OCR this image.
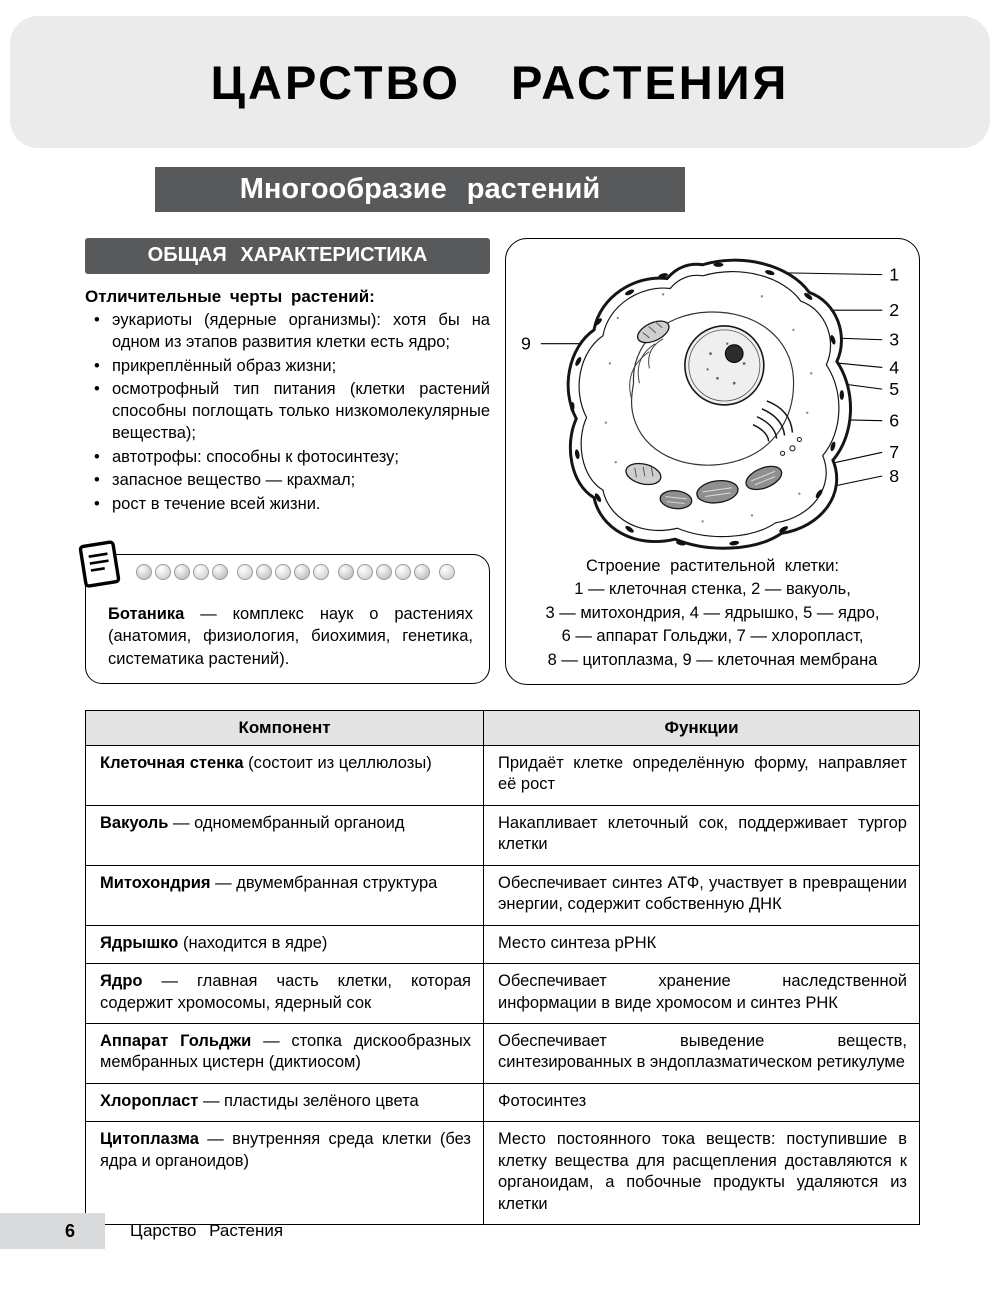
ЦАРСТВО РАСТЕНИЯ
Многообразие растений
ОБЩАЯ ХАРАКТЕРИСТИКА

Отличительные черты растений:

• эукариоты (ядерные организмы): хотя бы на одном из этапов развития клетки есть ядро;
• прикреплённый образ жизни;
• осмотрофный тип питания (клетки растений способны поглощать только низкомолекулярные вещества);
• автотрофы: способны к фотосинтезу;
• запасное вещество — крахмал;
• рост в течение всей жизни.

Ботаника — комплекс наук о растениях (анатомия, физиология, биохимия, генетика, систематика растений).

1
2
3
4
5
6
7
8
9

Строение растительной клетки:

1 — клеточная стенка, 2 — вакуоль,

3 — митохондрия, 4 — ядрышко, 5 — ядро,

6 — аппарат Гольджи, 7 — хлоропласт,

8 — цитоплазма, 9 — клеточная мембрана

Компонент	Функции
Клеточная стенка (состоит из целлюлозы)	Придаёт клетке определённую форму, направляет её рост
Вакуоль — одномембранный органоид	Накапливает клеточный сок, поддерживает тургор клетки
Митохондрия — двумембранная структура	Обеспечивает синтез АТФ, участвует в превращении энергии, содержит собственную ДНК
Ядрышко (находится в ядре)	Место синтеза рРНК
Ядро — главная часть клетки, которая содержит хромосомы, ядерный сок	Обеспечивает хранение наследственной информации в виде хромосом и синтез РНК
Аппарат Гольджи — стопка дискообразных мембранных цистерн (диктиосом)	Обеспечивает выведение веществ, синтезированных в эндоплазматическом ретикулуме
Хлоропласт — пластиды зелёного цвета	Фотосинтез
Цитоплазма — внутренняя среда клетки (без ядра и органоидов)	Место постоянного тока веществ: поступившие в клетку вещества для расщепления доставляются к органоидам, а побочные продукты удаляются из клетки
6	Царство Растения
